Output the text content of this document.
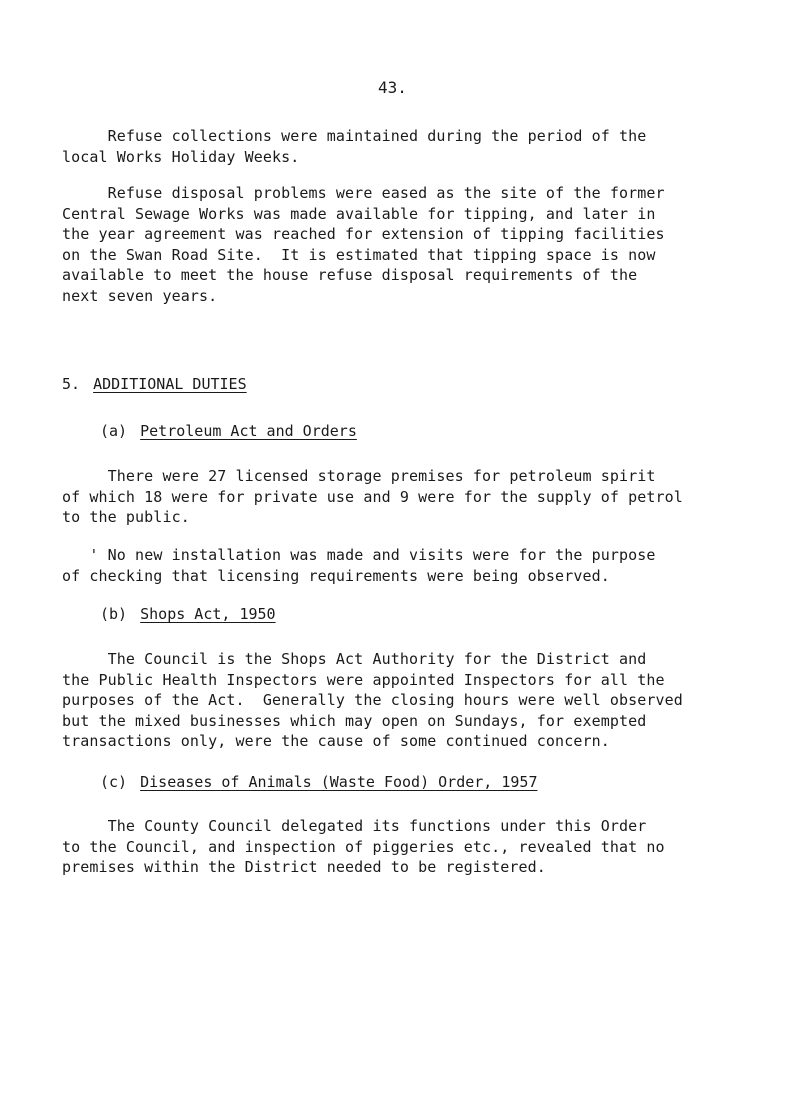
43.
Refuse collections were maintained during the period of the
local Works Holiday Weeks.
Refuse disposal problems were eased as the site of the former
Central Sewage Works was made available for tipping, and later in
the year agreement was reached for extension of tipping facilities
on the Swan Road Site.  It is estimated that tipping space is now
available to meet the house refuse disposal requirements of the
next seven years.
5. ADDITIONAL DUTIES
(a) Petroleum Act and Orders
There were 27 licensed storage premises for petroleum spirit
of which 18 were for private use and 9 were for the supply of petrol
to the public.
' No new installation was made and visits were for the purpose
of checking that licensing requirements were being observed.
(b) Shops Act, 1950
The Council is the Shops Act Authority for the District and
the Public Health Inspectors were appointed Inspectors for all the
purposes of the Act.  Generally the closing hours were well observed
but the mixed businesses which may open on Sundays, for exempted
transactions only, were the cause of some continued concern.
(c) Diseases of Animals (Waste Food) Order, 1957
The County Council delegated its functions under this Order
to the Council, and inspection of piggeries etc., revealed that no
premises within the District needed to be registered.
